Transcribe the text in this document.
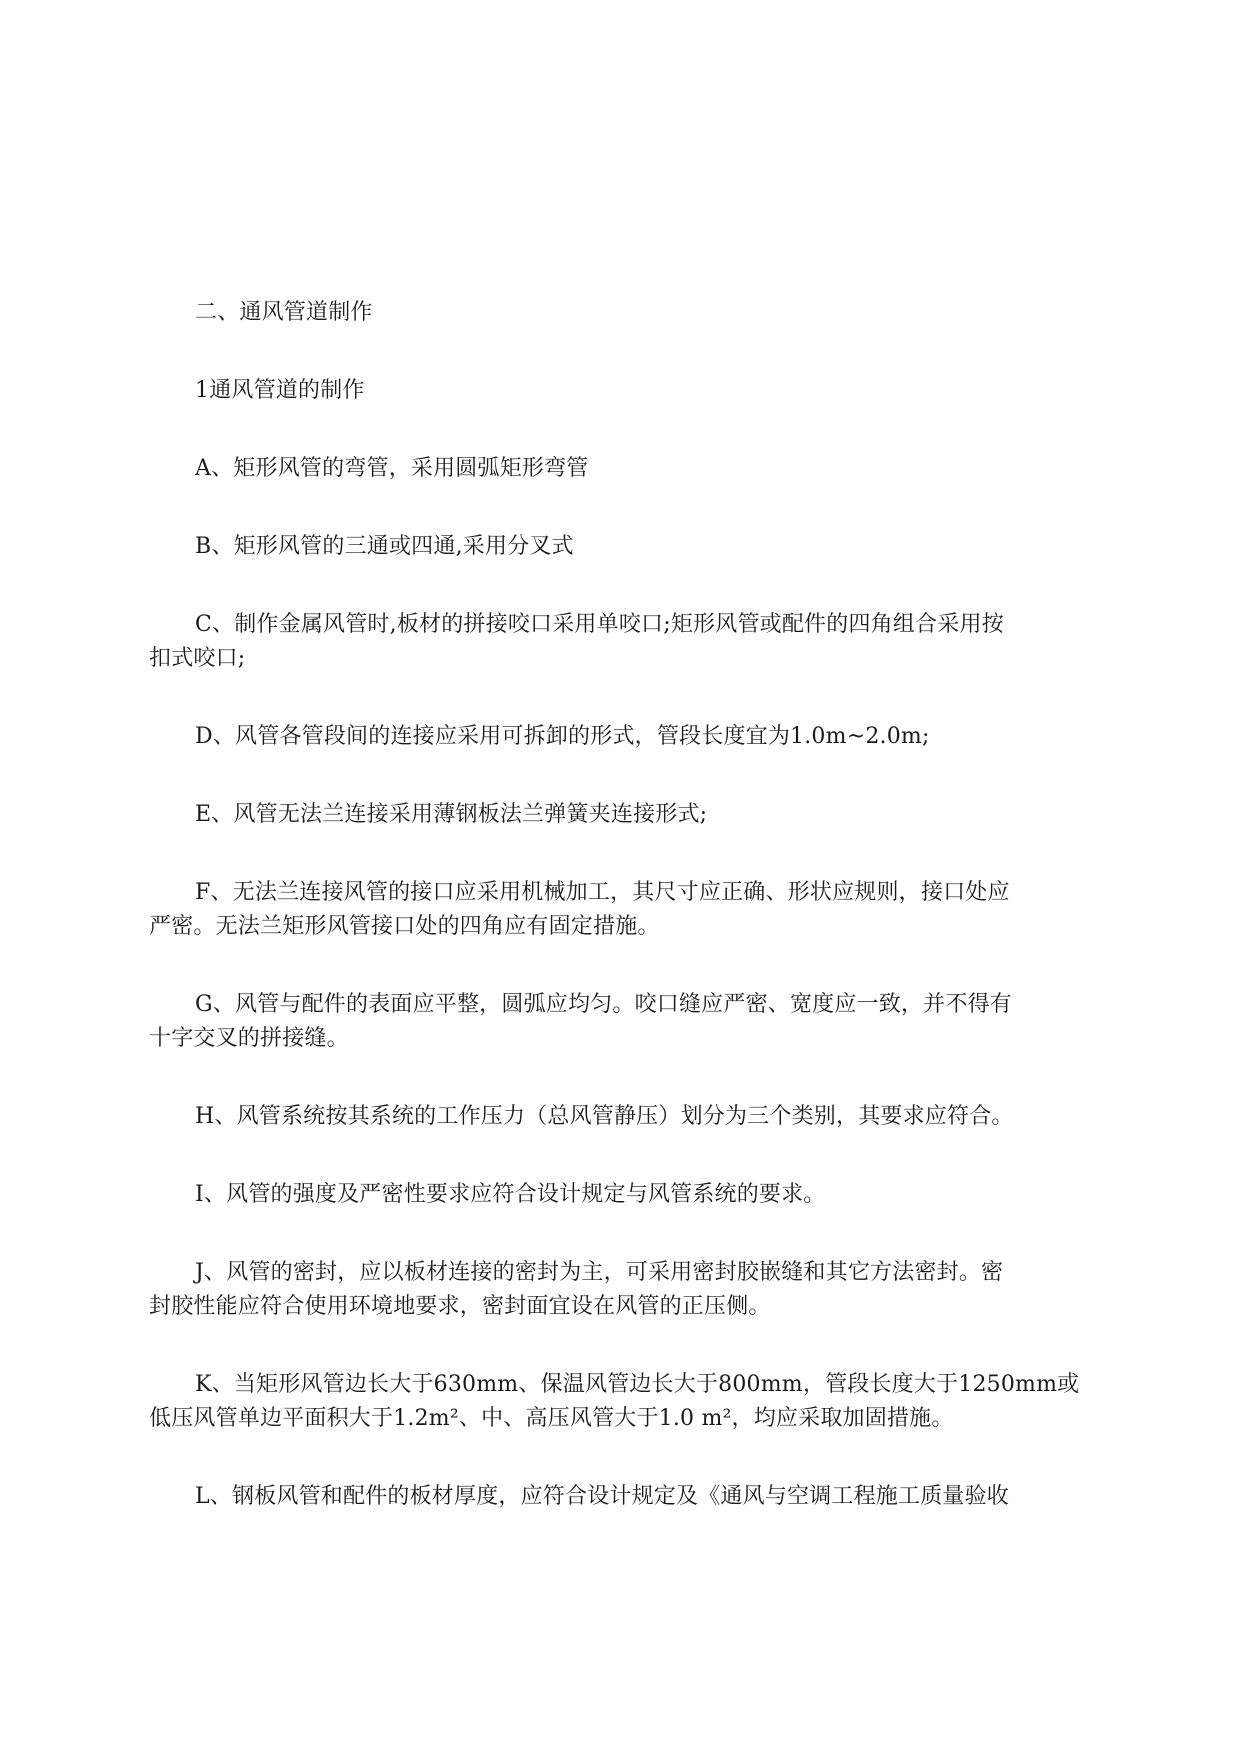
二、通风管道制作

1通风管道的制作

A、矩形风管的弯管，采用圆弧矩形弯管

B、矩形风管的三通或四通,采用分叉式

C、制作金属风管时,板材的拼接咬口采用单咬口;矩形风管或配件的四角组合采用按
扣式咬口;

D、风管各管段间的连接应采用可拆卸的形式，管段长度宜为1.0m~2.0m;

E、风管无法兰连接采用薄钢板法兰弹簧夹连接形式;

F、无法兰连接风管的接口应采用机械加工，其尺寸应正确、形状应规则，接口处应
严密。无法兰矩形风管接口处的四角应有固定措施。

G、风管与配件的表面应平整，圆弧应均匀。咬口缝应严密、宽度应一致，并不得有
十字交叉的拼接缝。

H、风管系统按其系统的工作压力（总风管静压）划分为三个类别，其要求应符合。

I、风管的强度及严密性要求应符合设计规定与风管系统的要求。

J、风管的密封，应以板材连接的密封为主，可采用密封胶嵌缝和其它方法密封。密
封胶性能应符合使用环境地要求，密封面宜设在风管的正压侧。

K、当矩形风管边长大于630mm、保温风管边长大于800mm，管段长度大于1250mm或
低压风管单边平面积大于1.2m²、中、高压风管大于1.0 m²，均应采取加固措施。

L、钢板风管和配件的板材厚度，应符合设计规定及《通风与空调工程施工质量验收
